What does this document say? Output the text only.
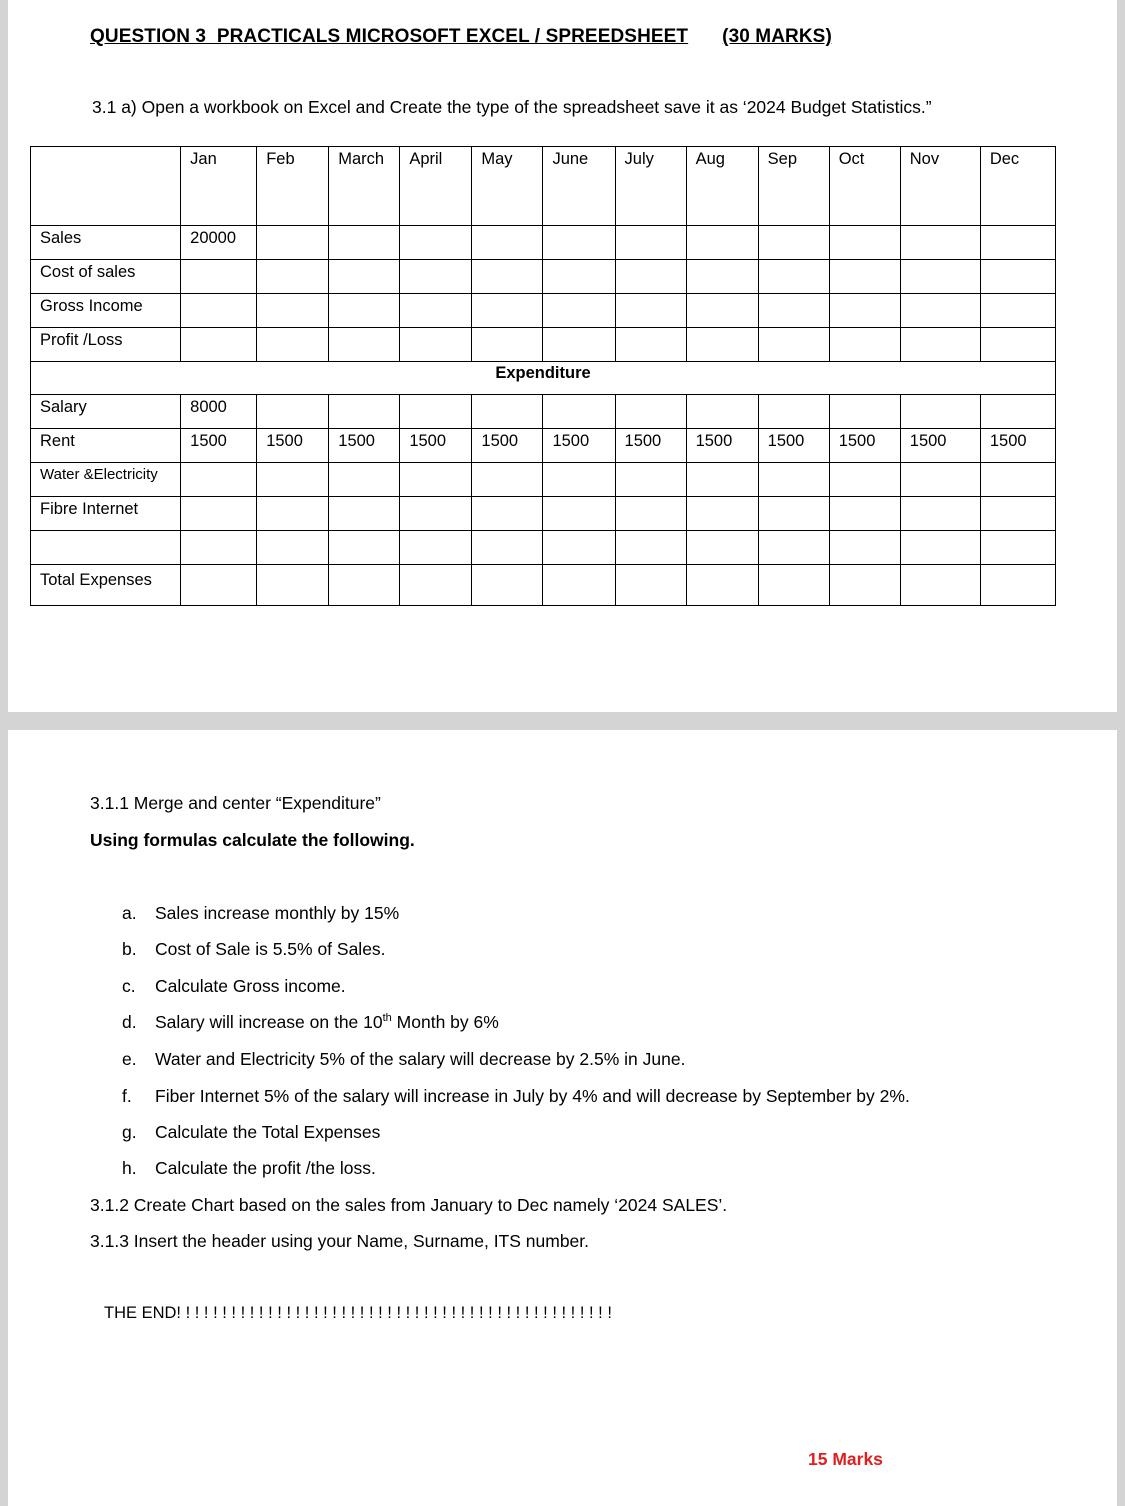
QUESTION 3  PRACTICALS MICROSOFT EXCEL / SPREEDSHEET (30 MARKS)
3.1 a) Open a workbook on Excel and Create the type of the spreadsheet save it as ‘2024 Budget Statistics.”
	Jan	Feb	March	April	May	June	July	Aug	Sep	Oct	Nov	Dec
Sales	20000											
Cost of sales												
Gross Income												
Profit /Loss												
Expenditure												
Salary	8000											
Rent	1500	1500	1500	1500	1500	1500	1500	1500	1500	1500	1500	1500
Water &Electricity												
Fibre Internet												

Total Expenses												
3.1.1 Merge and center “Expenditure”
Using formulas calculate the following.
a. Sales increase monthly by 15%
b. Cost of Sale is 5.5% of Sales.
c. Calculate Gross income.
d. Salary will increase on the 10th Month by 6%
e. Water and Electricity 5% of the salary will decrease by 2.5% in June.
f. Fiber Internet 5% of the salary will increase in July by 4% and will decrease by September by 2%.
g. Calculate the Total Expenses
h. Calculate the profit /the loss.
3.1.2 Create Chart based on the sales from January to Dec namely ‘2024 SALES’.
3.1.3 Insert the header using your Name, Surname, ITS number.
THE END! ! ! ! ! ! ! ! ! ! ! ! ! ! ! ! ! ! ! ! ! ! ! ! ! ! ! ! ! ! ! ! ! ! ! ! ! ! ! ! ! ! ! ! ! ! ! !
15 Marks
